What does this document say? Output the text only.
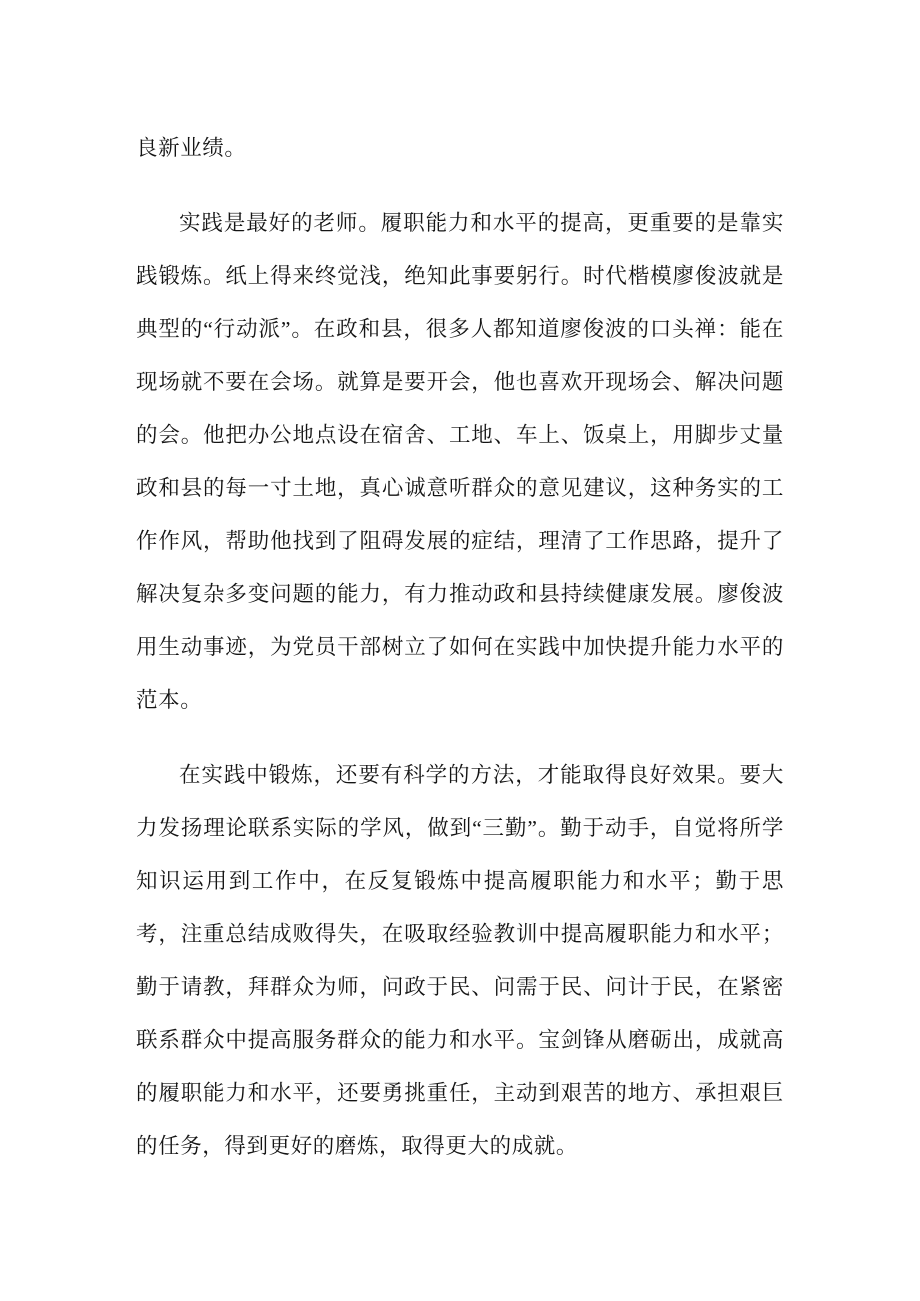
良新业绩。

实践是最好的老师。履职能力和水平的提高，更重要的是靠实践锻炼。纸上得来终觉浅，绝知此事要躬行。时代楷模廖俊波就是典型的“行动派”。在政和县，很多人都知道廖俊波的口头禅：能在现场就不要在会场。就算是要开会，他也喜欢开现场会、解决问题的会。他把办公地点设在宿舍、工地、车上、饭桌上，用脚步丈量政和县的每一寸土地，真心诚意听群众的意见建议，这种务实的工作作风，帮助他找到了阻碍发展的症结，理清了工作思路，提升了解决复杂多变问题的能力，有力推动政和县持续健康发展。廖俊波用生动事迹，为党员干部树立了如何在实践中加快提升能力水平的范本。

在实践中锻炼，还要有科学的方法，才能取得良好效果。要大力发扬理论联系实际的学风，做到“三勤”。勤于动手，自觉将所学知识运用到工作中，在反复锻炼中提高履职能力和水平；勤于思考，注重总结成败得失，在吸取经验教训中提高履职能力和水平；勤于请教，拜群众为师，问政于民、问需于民、问计于民，在紧密联系群众中提高服务群众的能力和水平。宝剑锋从磨砺出，成就高的履职能力和水平，还要勇挑重任，主动到艰苦的地方、承担艰巨的任务，得到更好的磨炼，取得更大的成就。
